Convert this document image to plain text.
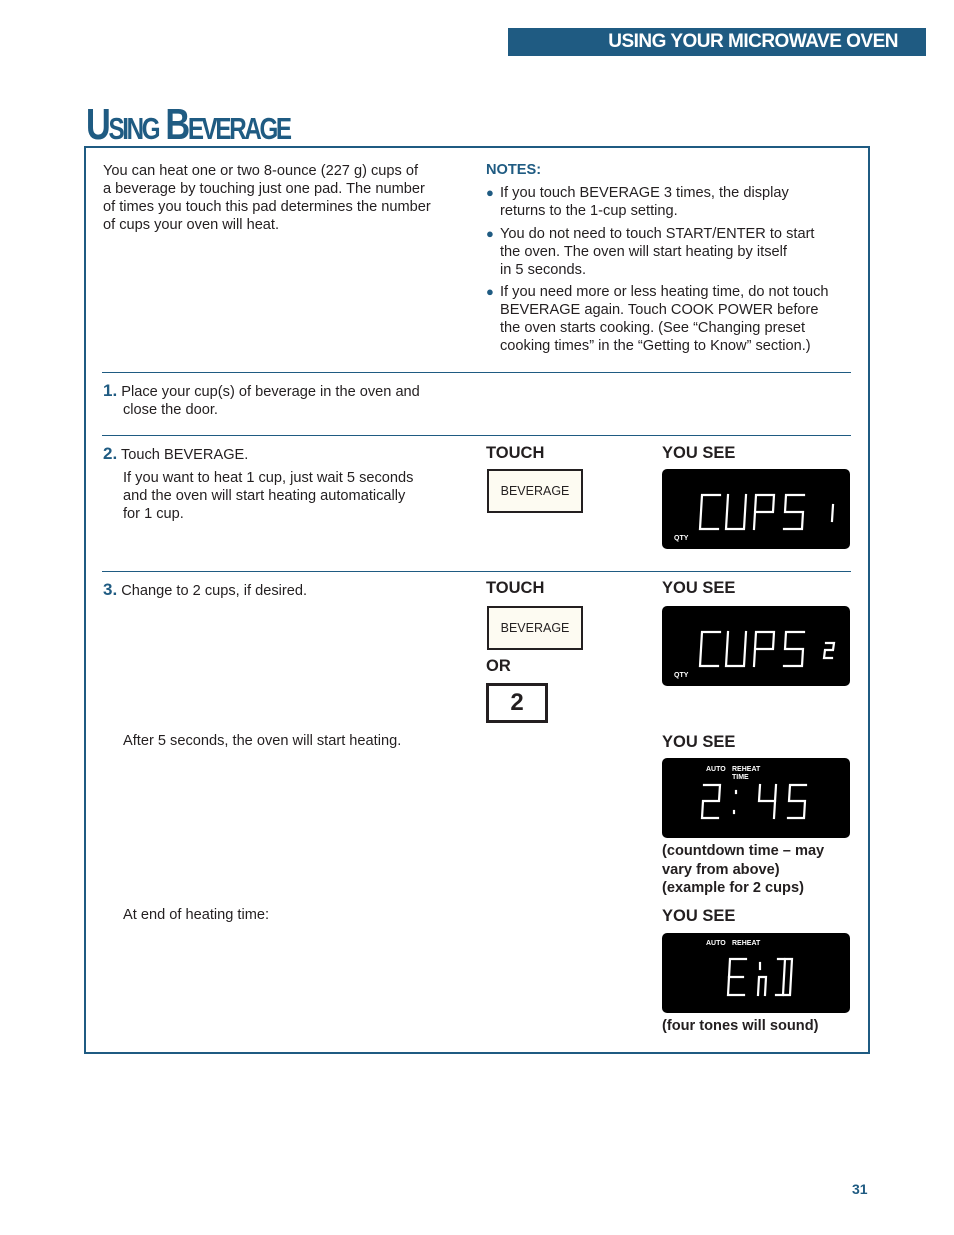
USING YOUR MICROWAVE OVEN
Using Beverage
You can heat one or two 8-ounce (227 g) cups of
a beverage by touching just one pad. The number
of times you touch this pad determines the number
of cups your oven will heat.
NOTES:
● If you touch BEVERAGE 3 times, the display
returns to the 1-cup setting.
● You do not need to touch START/ENTER to start
the oven. The oven will start heating by itself
in 5 seconds.
● If you need more or less heating time, do not touch
BEVERAGE again. Touch COOK POWER before
the oven starts cooking. (See “Changing preset
cooking times” in the “Getting to Know” section.)
1. Place your cup(s) of beverage in the oven and
close the door.
2. Touch BEVERAGE.
If you want to heat 1 cup, just wait 5 seconds
and the oven will start heating automatically
for 1 cup.
TOUCH	YOU SEE
BEVERAGE
QTY
3. Change to 2 cups, if desired.	TOUCH	YOU SEE
BEVERAGE
OR
2
QTY
After 5 seconds, the oven will start heating.	YOU SEE
AUTO REHEAT
TIME
(countdown time – may
vary from above)
(example for 2 cups)
At end of heating time:	YOU SEE
AUTO REHEAT
(four tones will sound)
31
